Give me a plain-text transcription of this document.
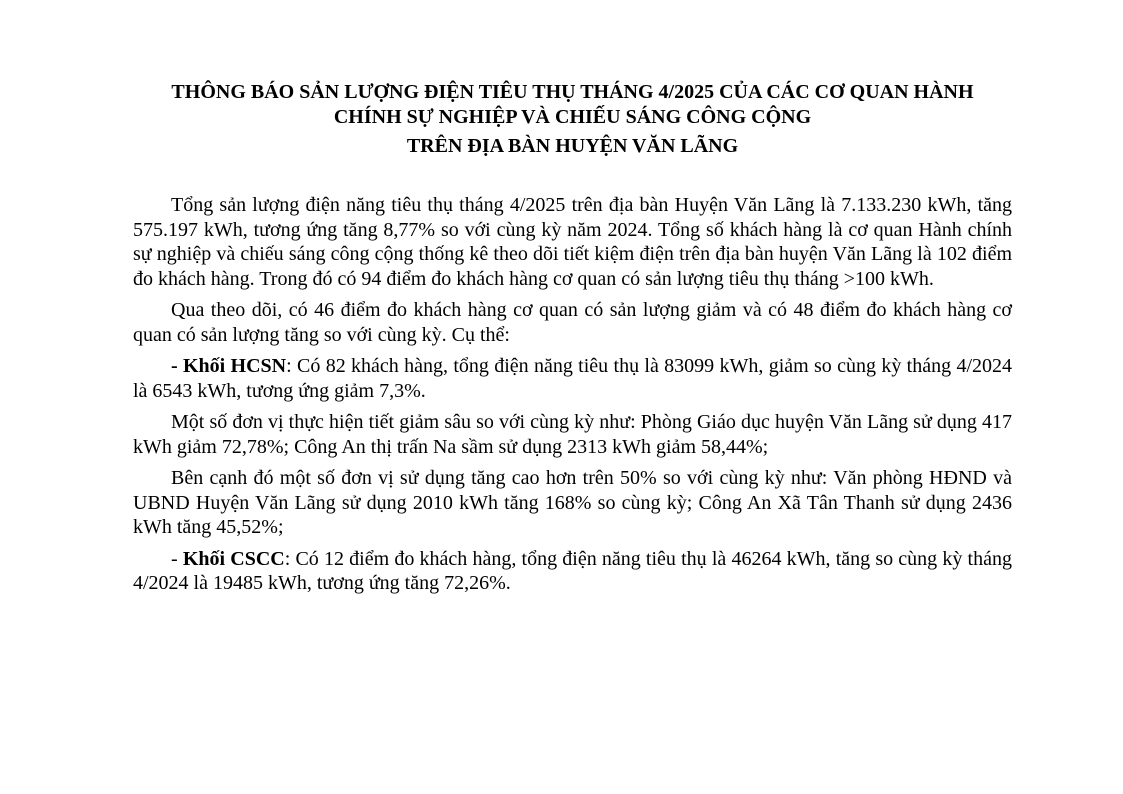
THÔNG BÁO SẢN LƯỢNG ĐIỆN TIÊU THỤ THÁNG 4/2025 CỦA CÁC CƠ QUAN HÀNH
CHÍNH SỰ NGHIỆP VÀ CHIẾU SÁNG CÔNG CỘNG
TRÊN ĐỊA BÀN HUYỆN VĂN LÃNG

Tổng sản lượng điện năng tiêu thụ tháng 4/2025 trên địa bàn Huyện Văn Lãng là 7.133.230 kWh, tăng 575.197 kWh, tương ứng tăng 8,77% so với cùng kỳ năm 2024. Tổng số khách hàng là cơ quan Hành chính sự nghiệp và chiếu sáng công cộng thống kê theo dõi tiết kiệm điện trên địa bàn huyện Văn Lãng là 102 điểm đo khách hàng. Trong đó có 94 điểm đo khách hàng cơ quan có sản lượng tiêu thụ tháng >100 kWh.

Qua theo dõi, có 46 điểm đo khách hàng cơ quan có sản lượng giảm và có 48 điểm đo khách hàng cơ quan có sản lượng tăng so với cùng kỳ. Cụ thể:

- Khối HCSN: Có 82 khách hàng, tổng điện năng tiêu thụ là 83099 kWh, giảm so cùng kỳ tháng 4/2024 là 6543 kWh, tương ứng giảm 7,3%.

Một số đơn vị thực hiện tiết giảm sâu so với cùng kỳ như: Phòng Giáo dục huyện Văn Lãng sử dụng 417 kWh giảm 72,78%; Công An thị trấn Na sầm sử dụng 2313 kWh giảm 58,44%;

Bên cạnh đó một số đơn vị sử dụng tăng cao hơn trên 50% so với cùng kỳ như: Văn phòng HĐND và UBND Huyện Văn Lãng sử dụng 2010 kWh tăng 168% so cùng kỳ; Công An Xã Tân Thanh sử dụng 2436 kWh tăng 45,52%;

- Khối CSCC: Có 12 điểm đo khách hàng, tổng điện năng tiêu thụ là 46264 kWh, tăng so cùng kỳ tháng 4/2024 là 19485 kWh, tương ứng tăng 72,26%.
